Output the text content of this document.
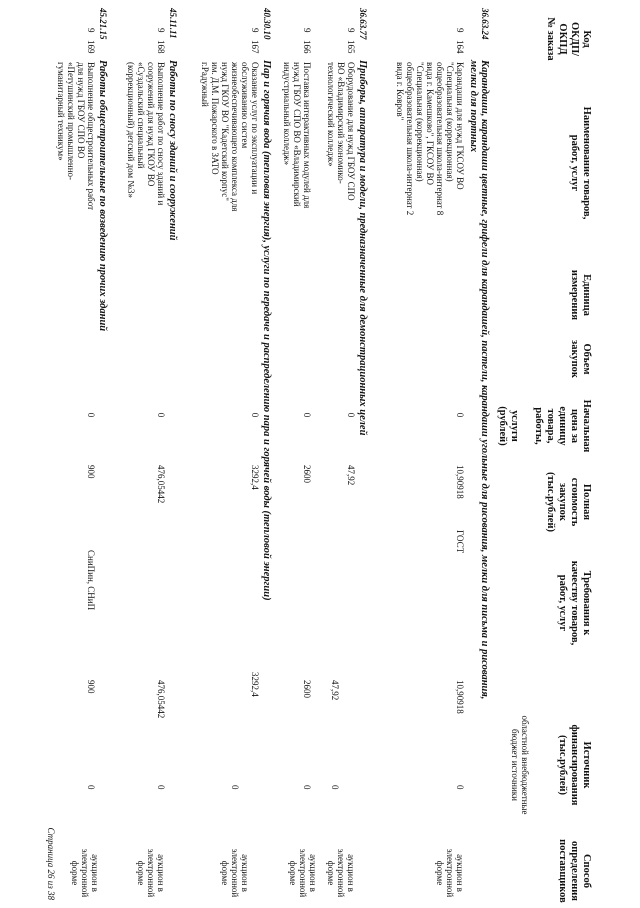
Код
ОКДП/
ОКПД
№ заказа
Наименование товаров,
работ, услуг
Единица
измерения
Объем
закупок
Начальная
цена за
единицу
товара,
работы,

услуги
(рублей)
Полная
стоимость
закупок
(тыс.рублей)
Требования к
качеству товаров,
работ, услуг
Источник
финансирования
(тыс.рублей)
областной внебюджетные
бюджет источники
Способ
определения
поставщиков
36.63.24
Карандаши, карандаши цветные, грифели для карандашей, пастели, карандаши угольные для рисования, мелки для письма и рисования,
мелки для портных
9
164
Карандаши для нужд ГКСОУ ВО
"Специальная (коррекционная)
общеобразовательная школа-интернат 8
вида г. Камешково", ГКСОУ ВО
"Специальная (коррекционная)
общеобразовательная школа-интернат 2
вида г. Ковров"
0
10,90918
ГОСТ
10,90918
0
аукцион в
электронной
форме
36.63.77
Приборы, аппаратура и модели, предназначенные для демонстрационных целей
9
165
Оборудование для нужд ГБОУ СПО
ВО «Владимирский экономико-
технологический колледж»
0
47,92
47,92
0
аукцион в
электронной
форме
9
166
Поставка интерактивных модулей для
нужд ГБОУ СПО ВО «Владимирский
индустриальный колледж»
0
2600
2600
0
аукцион в
электронной
форме
40.30.10
Пар и горячая вода (тепловая энергия), услуги по передаче и распределению пара и горячей воды (тепловой энергии)
9
167
Оказание услуг по эксплуатации и
обслуживанию систем
жизнеобеспечивающего комплекса для
нужд ГКОУ ВО "Кадетский корпус"
им. Д.М. Пожарского в ЗАТО
г.Радужный
0
3292,4
3292,4
0
аукцион в
электронной
форме
45.11.11
Работы по сносу зданий и сооружений
9
168
Выполнение работ по сносу зданий и
сооружений для нужд ГКОУ ВО
«Суздальский специальный
(коррекционный) детский дом №3»
0
476,05442
476,05442
0
аукцион в
электронной
форме
45.21.15
Работы общестроительные по возведению прочих зданий
9
169
Выполнение общестроительных работ
для нужд ГБОУ СПО ВО
«Петушинский промышленно-
гуманитарный техникум»
0
900
СниПин, СНиП
900
0
аукцион в
электронной
форме
Страница 26 из 38
